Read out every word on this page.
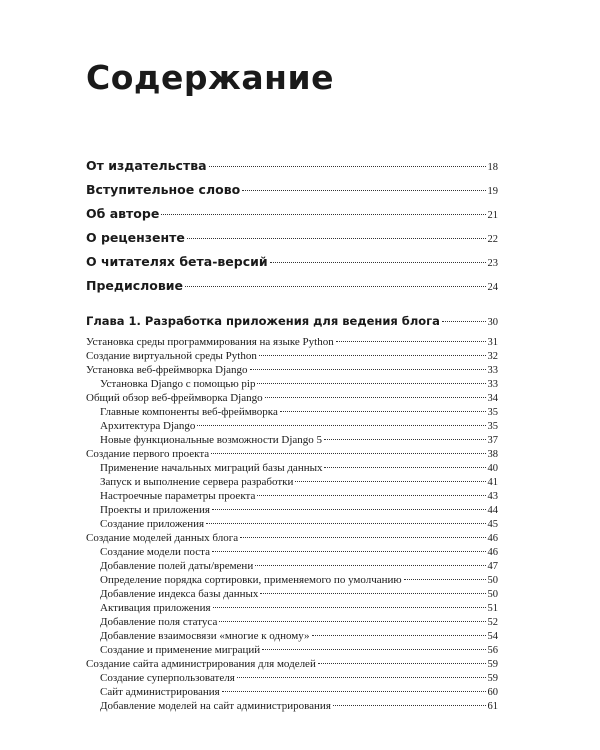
Содержание
От издательства	18
Вступительное слово	19
Об авторе	21
О рецензенте	22
О читателях бета-версий	23
Предисловие	24
Глава 1. Разработка приложения для ведения блога	30
Установка среды программирования на языке Python	31
Создание виртуальной среды Python	32
Установка веб-фреймворка Django	33
Установка Django с помощью pip	33
Общий обзор веб-фреймворка Django	34
Главные компоненты веб-фреймворка	35
Архитектура Django	35
Новые функциональные возможности Django 5	37
Создание первого проекта	38
Применение начальных миграций базы данных	40
Запуск и выполнение сервера разработки	41
Настроечные параметры проекта	43
Проекты и приложения	44
Создание приложения	45
Создание моделей данных блога	46
Создание модели поста	46
Добавление полей даты/времени	47
Определение порядка сортировки, применяемого по умолчанию	50
Добавление индекса базы данных	50
Активация приложения	51
Добавление поля статуса	52
Добавление взаимосвязи «многие к одному»	54
Создание и применение миграций	56
Создание сайта администрирования для моделей	59
Создание суперпользователя	59
Сайт администрирования	60
Добавление моделей на сайт администрирования	61
